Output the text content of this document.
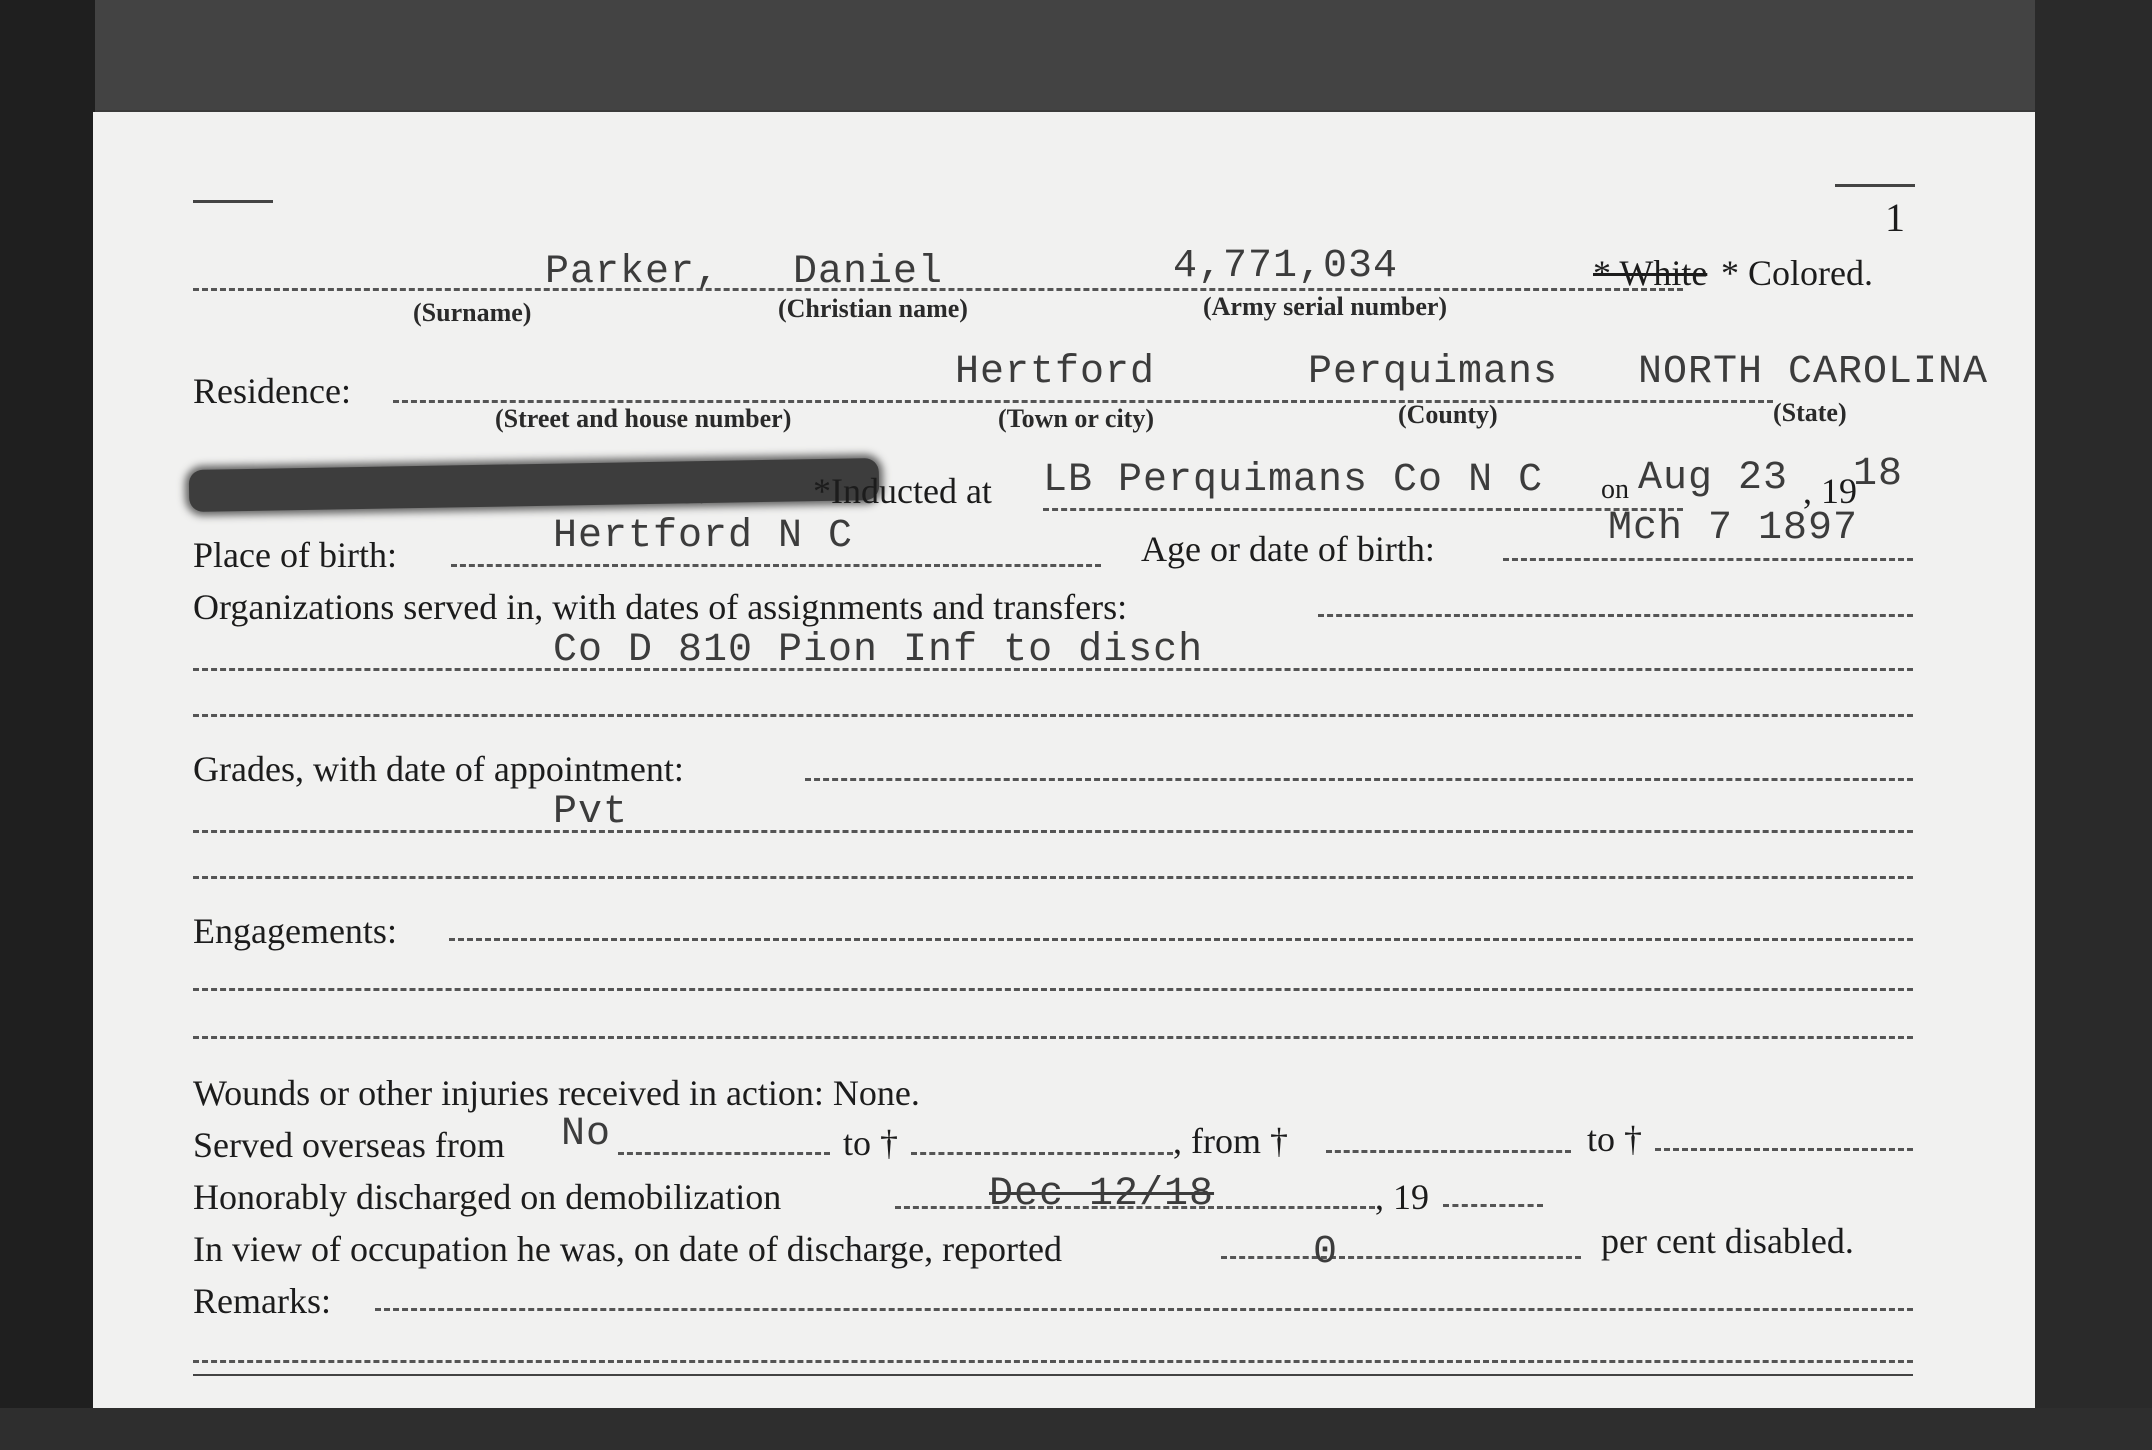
1
Parker, Daniel	4,771,034	* White * Colored.
(Surname)	(Christian name)	(Army serial number)
Residence:	Hertford	Perquimans NORTH CAROLINA
(Street and house number)	(Town or city)	(County)	(State)
*Inducted at LB Perquimans Co N C on Aug 23 , 19
18
Place of birth:	Hertford N C	Age or date of birth:	Mch 7 1897
Organizations served in, with dates of assignments and transfers:
Co D 810 Pion Inf to disch
Grades, with date of appointment:
Pvt
Engagements:
Wounds or other injuries received in action: None.
Served overseas from No	to †	, from †	to †
Honorably discharged on demobilization	Dec 12/18	, 19
In view of occupation he was, on date of discharge, reported	0	per cent disabled.
Remarks:
